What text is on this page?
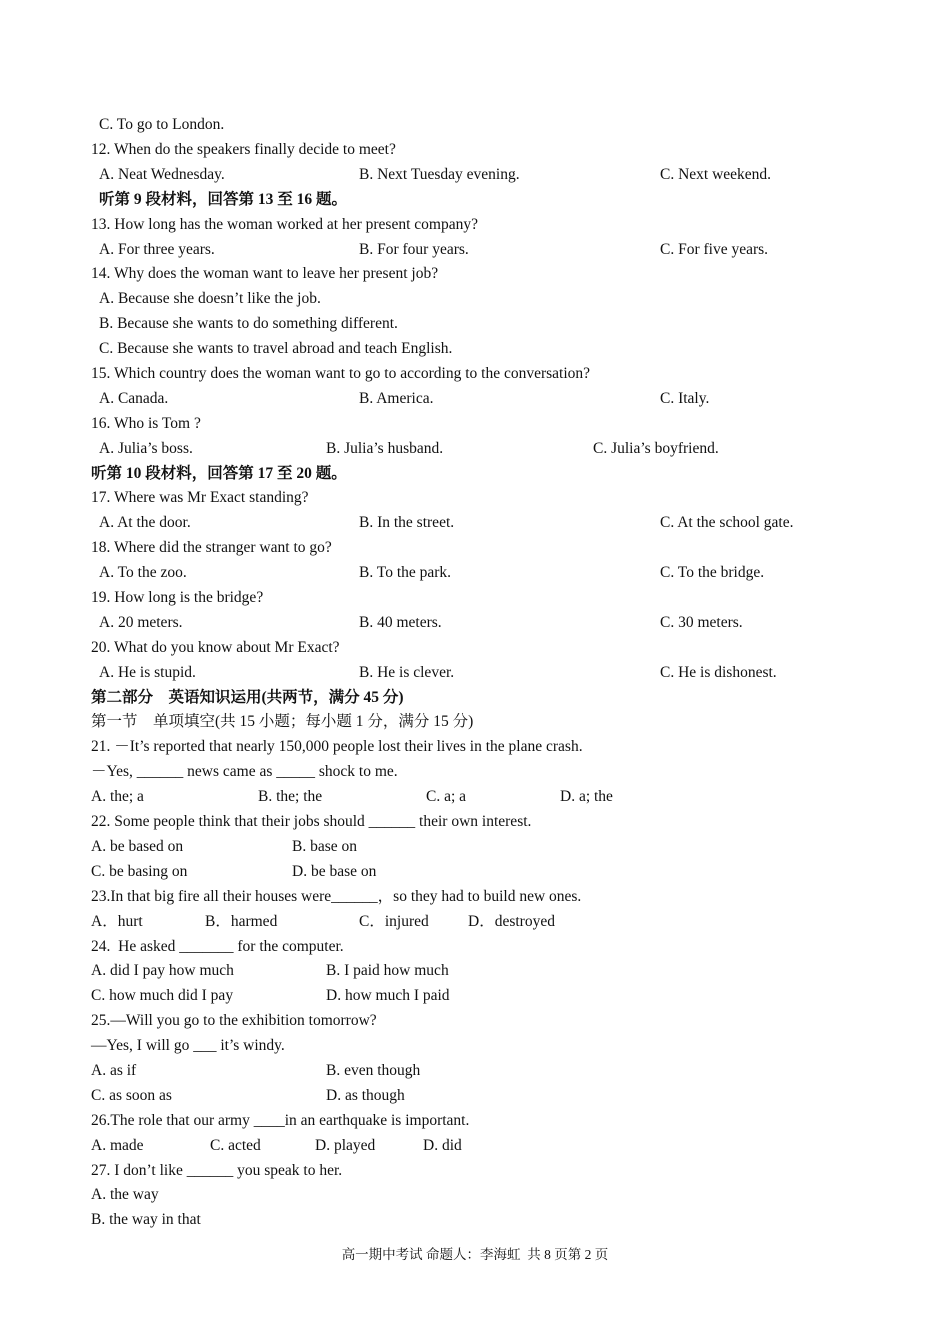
C. To go to London.
12. When do the speakers finally decide to meet?
A. Neat Wednesday.	B. Next Tuesday evening.	C. Next weekend.
听第 9 段材料，回答第 13 至 16 题。
13. How long has the woman worked at her present company?
A. For three years.	B. For four years.	C. For five years.
14. Why does the woman want to leave her present job?
A. Because she doesn’t like the job.
B. Because she wants to do something different.
C. Because she wants to travel abroad and teach English.
15. Which country does the woman want to go to according to the conversation?
A. Canada.	B. America.	C. Italy.
16. Who is Tom ?
A. Julia’s boss.	B. Julia’s husband.	C. Julia’s boyfriend.
听第 10 段材料，回答第 17 至 20 题。
17. Where was Mr Exact standing?
A. At the door.	B. In the street.	C. At the school gate.
18. Where did the stranger want to go?
A. To the zoo.	B. To the park.	C. To the bridge.
19. How long is the bridge?
A. 20 meters.	B. 40 meters.	C. 30 meters.
20. What do you know about Mr Exact?
A. He is stupid.	B. He is clever.	C. He is dishonest.
第二部分　英语知识运用(共两节，满分 45 分)
第一节　单项填空(共 15 小题；每小题 1 分，满分 15 分)
21. －It’s reported that nearly 150,000 people lost their lives in the plane crash.
－Yes, ______ news came as _____ shock to me.
A. the; a	B. the; the	C. a; a	D. a; the
22. Some people think that their jobs should ______ their own interest.
A. be based on	B. base on
C. be basing on	D. be base on
23.In that big fire all their houses were______，so they had to build new ones.
A．hurt	B．harmed	C．injured	D．destroyed
24.  He asked _______ for the computer.
A. did I pay how much	B. I paid how much
C. how much did I pay	D. how much I paid
25.—Will you go to the exhibition tomorrow?
—Yes, I will go ___ it’s windy.
A. as if	B. even though
C. as soon as	D. as though
26.The role that our army ____in an earthquake is important.
A. made	C. acted	D. played	D. did
27. I don’t like ______ you speak to her.
A. the way
B. the way in that
高一期中考试 命题人：李海虹  共 8 页第 2 页
